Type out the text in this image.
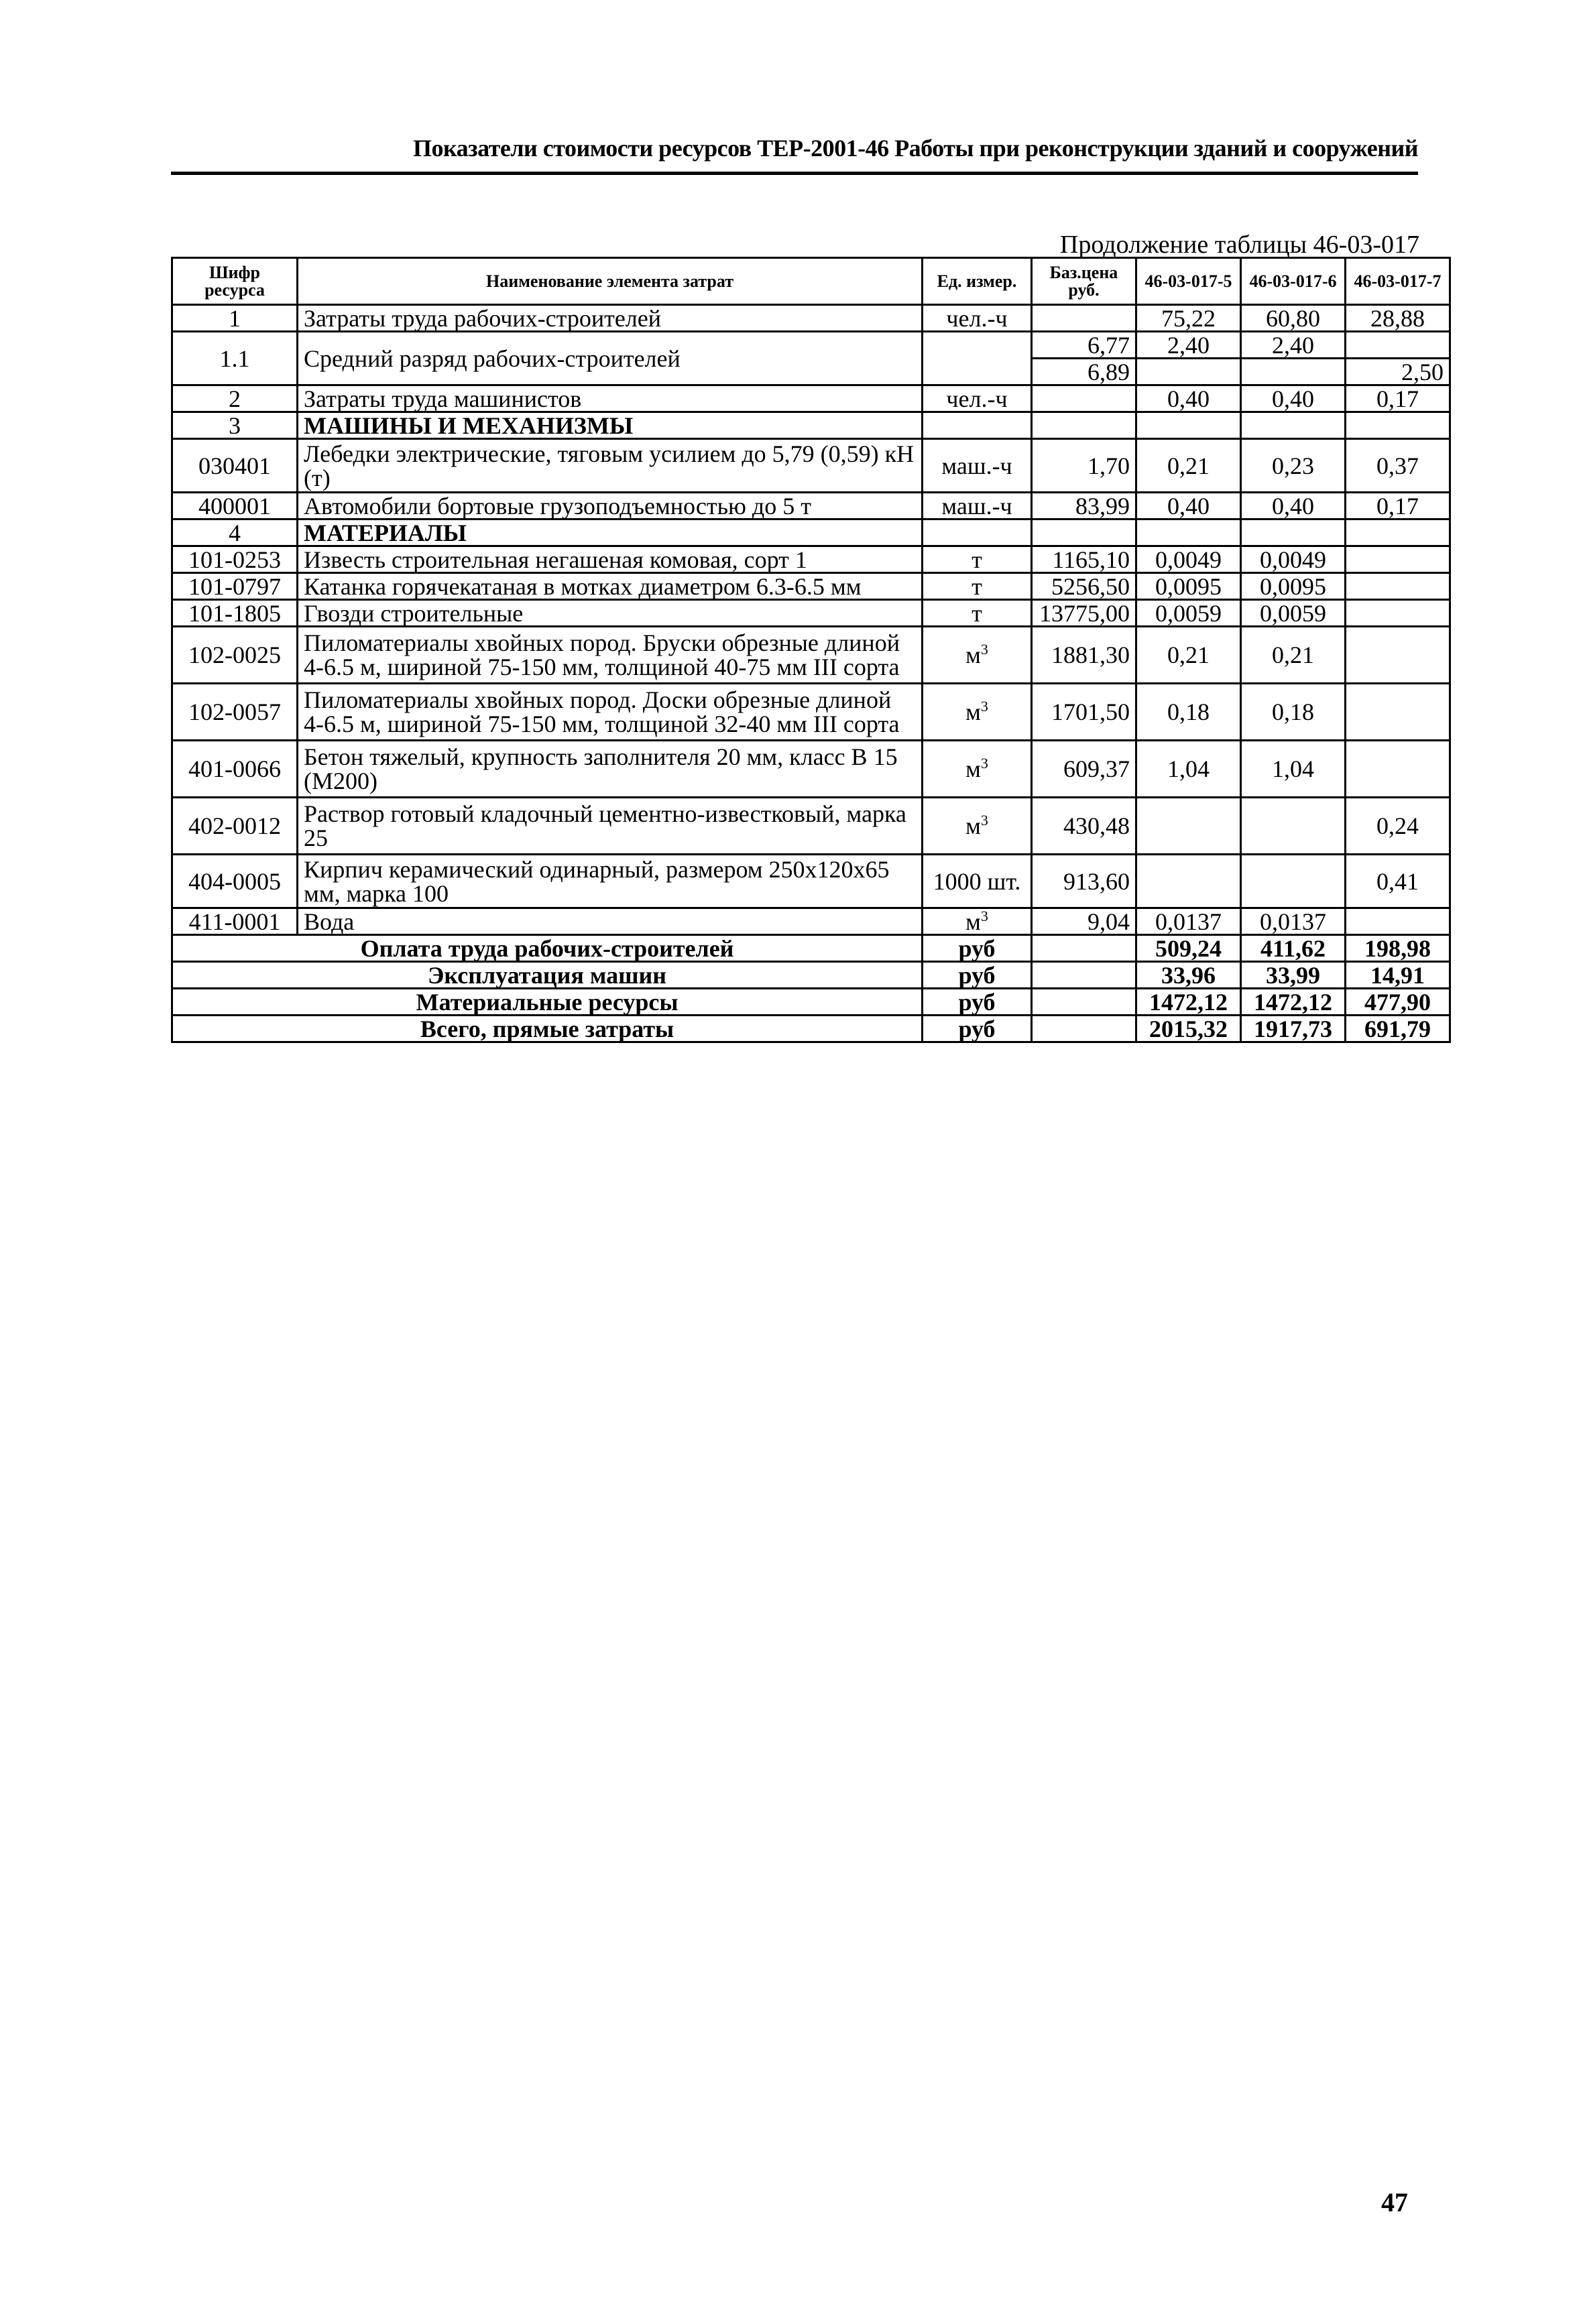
Показатели стоимости ресурсов ТЕР-2001-46 Работы при реконструкции зданий и сооружений
Продолжение таблицы 46-03-017
Шифр ресурса	Наименование элемента затрат	Ед. измер.	Баз.цена руб.	46-03-017-5	46-03-017-6	46-03-017-7
1	Затраты труда рабочих-строителей	чел.-ч		75,22	60,80	28,88
1.1	Средний разряд рабочих-строителей		6,77	2,40	2,40	
			6,89			2,50
2	Затраты труда машинистов	чел.-ч		0,40	0,40	0,17
3	МАШИНЫ И МЕХАНИЗМЫ					
030401	Лебедки электрические, тяговым усилием до 5,79 (0,59) кН (т)	маш.-ч	1,70	0,21	0,23	0,37
400001	Автомобили бортовые грузоподъемностью до 5 т	маш.-ч	83,99	0,40	0,40	0,17
4	МАТЕРИАЛЫ					
101-0253	Известь строительная негашеная комовая, сорт 1	т	1165,10	0,0049	0,0049	
101-0797	Катанка горячекатаная в мотках диаметром 6.3-6.5 мм	т	5256,50	0,0095	0,0095	
101-1805	Гвозди строительные	т	13775,00	0,0059	0,0059	
102-0025	Пиломатериалы хвойных пород. Бруски обрезные длиной 4-6.5 м, шириной 75-150 мм, толщиной 40-75 мм III сорта	$м^3$	1881,30	0,21	0,21	
102-0057	Пиломатериалы хвойных пород. Доски обрезные длиной 4-6.5 м, шириной 75-150 мм, толщиной 32-40 мм III сорта	$м^3$	1701,50	0,18	0,18	
401-0066	Бетон тяжелый, крупность заполнителя 20 мм, класс В 15 (М200)	$м^3$	609,37	1,04	1,04	
402-0012	Раствор готовый кладочный цементно-известковый, марка 25	$м^3$	430,48			0,24
404-0005	Кирпич керамический одинарный, размером 250х120х65 мм, марка 100	1000 шт.	913,60			0,41
411-0001	Вода	$м^3$	9,04	0,0137	0,0137	
Оплата труда рабочих-строителей		руб		509,24	411,62	198,98
Эксплуатация машин		руб		33,96	33,99	14,91
Материальные ресурсы		руб		1472,12	1472,12	477,90
Всего, прямые затраты		руб		2015,32	1917,73	691,79
47
